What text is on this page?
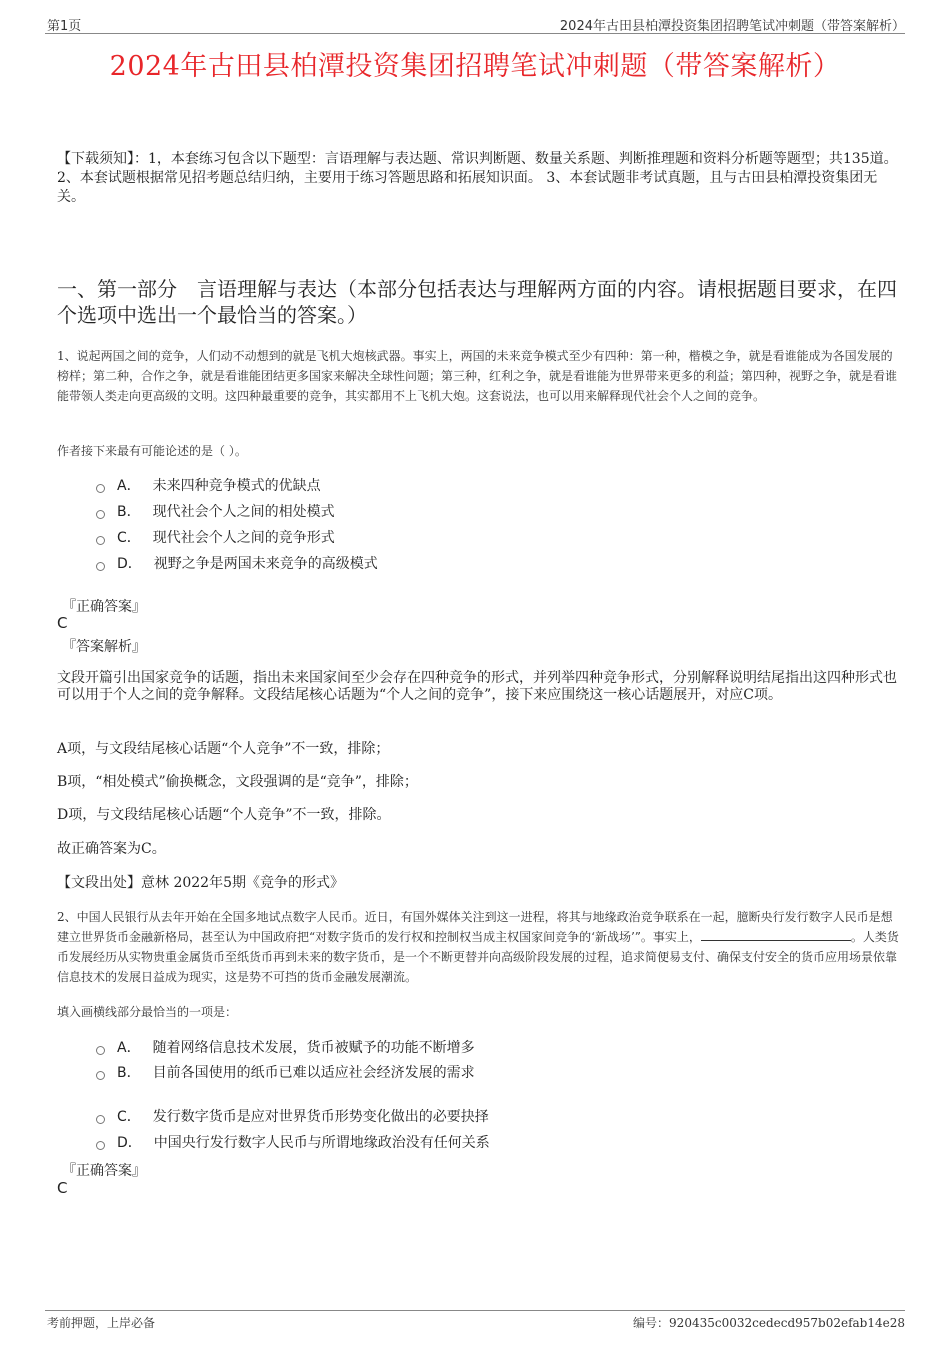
第1页	2024年古田县柏潭投资集团招聘笔试冲刺题（带答案解析）
2024年古田县柏潭投资集团招聘笔试冲刺题（带答案解析）
【下载须知】：1，本套练习包含以下题型：言语理解与表达题、常识判断题、数量关系题、判断推理题和资料分析题等题型；共135道。 2、本套试题根据常见招考题总结归纳，主要用于练习答题思路和拓展知识面。 3、本套试题非考试真题，且与古田县柏潭投资集团无关。
一、第一部分　言语理解与表达（本部分包括表达与理解两方面的内容。请根据题目要求，在四个选项中选出一个最恰当的答案。）
1、说起两国之间的竞争，人们动不动想到的就是飞机大炮核武器。事实上，两国的未来竞争模式至少有四种：第一种，楷模之争，就是看谁能成为各国发展的榜样；第二种，合作之争，就是看谁能团结更多国家来解决全球性问题；第三种，红利之争，就是看谁能为世界带来更多的利益；第四种，视野之争，就是看谁能带领人类走向更高级的文明。这四种最重要的竞争，其实都用不上飞机大炮。这套说法，也可以用来解释现代社会个人之间的竞争。
作者接下来最有可能论述的是（ ）。
A． 未来四种竞争模式的优缺点
B． 现代社会个人之间的相处模式
C． 现代社会个人之间的竞争形式
D． 视野之争是两国未来竞争的高级模式
『正确答案』
C
『答案解析』
文段开篇引出国家竞争的话题，指出未来国家间至少会存在四种竞争的形式，并列举四种竞争形式，分别解释说明结尾指出这四种形式也可以用于个人之间的竞争解释。文段结尾核心话题为“个人之间的竞争”，接下来应围绕这一核心话题展开，对应C项。
A项，与文段结尾核心话题“个人竞争”不一致，排除；
B项，“相处模式”偷换概念，文段强调的是“竞争”，排除；
D项，与文段结尾核心话题“个人竞争”不一致，排除。
故正确答案为C。
【文段出处】意林 2022年5期《竞争的形式》
2、中国人民银行从去年开始在全国多地试点数字人民币。近日，有国外媒体关注到这一进程，将其与地缘政治竞争联系在一起，臆断央行发行数字人民币是想建立世界货币金融新格局，甚至认为中国政府把“对数字货币的发行权和控制权当成主权国家间竞争的‘新战场’”。事实上，	。人类货币发展经历从实物贵重金属货币至纸货币再到未来的数字货币，是一个不断更替并向高级阶段发展的过程，追求简便易支付、确保支付安全的货币应用场景依靠信息技术的发展日益成为现实，这是势不可挡的货币金融发展潮流。
填入画横线部分最恰当的一项是：
A． 随着网络信息技术发展，货币被赋予的功能不断增多
B． 目前各国使用的纸币已难以适应社会经济发展的需求
C． 发行数字货币是应对世界货币形势变化做出的必要抉择
D． 中国央行发行数字人民币与所谓地缘政治没有任何关系
『正确答案』
C
考前押题，上岸必备	编号：920435c0032cedecd957b02efab14e28
